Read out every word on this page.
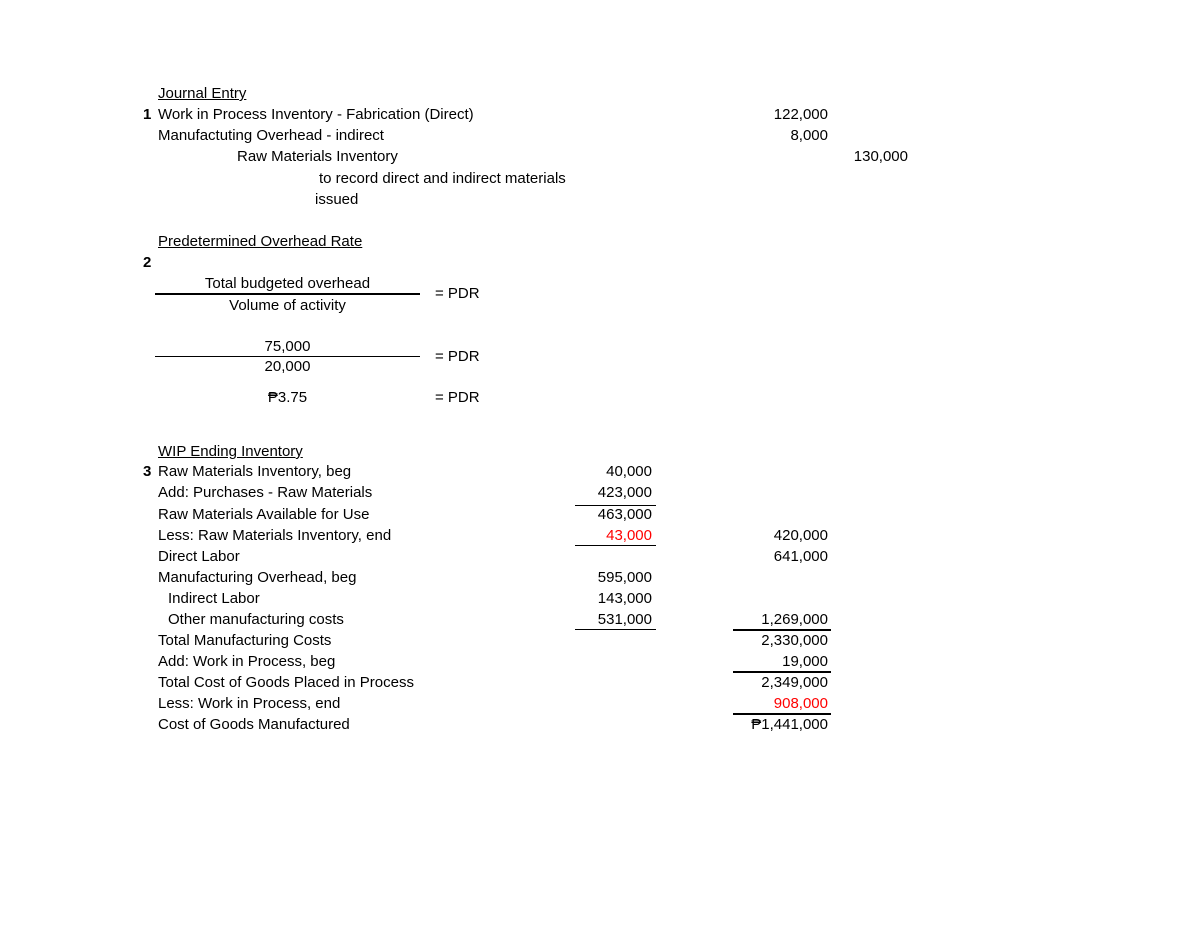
Journal Entry
1 Work in Process Inventory - Fabrication (Direct)	122,000
Manufactuting Overhead - indirect	8,000
Raw Materials Inventory	130,000
to record direct and indirect materials
issued
Predetermined Overhead Rate
2
Total budgeted overhead
Volume of activity
= PDR
75,000
20,000
= PDR
₱3.75	= PDR
WIP Ending Inventory
3 Raw Materials Inventory, beg	40,000
Add: Purchases - Raw Materials	423,000
Raw Materials Available for Use	463,000
Less: Raw Materials Inventory, end	43,000	420,000
Direct Labor	641,000
Manufacturing Overhead, beg	595,000
Indirect Labor	143,000
Other manufacturing costs	531,000	1,269,000
Total Manufacturing Costs	2,330,000
Add: Work in Process, beg	19,000
Total Cost of Goods Placed in Process	2,349,000
Less: Work in Process, end	908,000
Cost of Goods Manufactured	₱1,441,000
